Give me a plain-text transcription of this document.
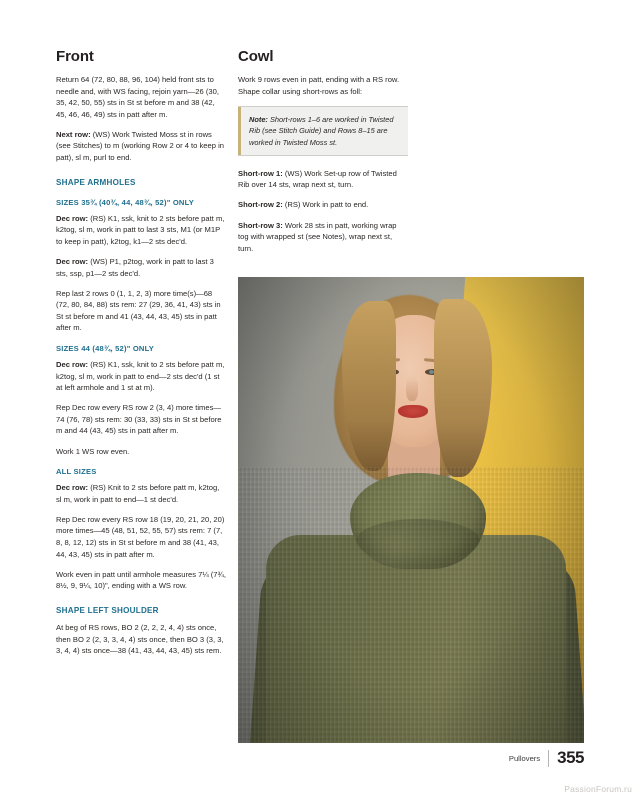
Front

Return 64 (72, 80, 88, 96, 104) held front sts to needle and, with WS facing, rejoin yarn—26 (30, 35, 42, 50, 55) sts in St st before m and 38 (42, 45, 46, 46, 49) sts in patt after m.

Next row: (WS) Work Twisted Moss st in rows (see Stitches) to m (working Row 2 or 4 to keep in patt), sl m, purl to end.

SHAPE ARMHOLES
SIZES 35¾ (40¾, 44, 48¾, 52)" ONLY

Dec row: (RS) K1, ssk, knit to 2 sts before patt m, k2tog, sl m, work in patt to last 3 sts, M1 (or M1P to keep in patt), k2tog, k1—2 sts dec'd.

Dec row: (WS) P1, p2tog, work in patt to last 3 sts, ssp, p1—2 sts dec'd.

Rep last 2 rows 0 (1, 1, 2, 3) more time(s)—68 (72, 80, 84, 88) sts rem: 27 (29, 36, 41, 43) sts in St st before m and 41 (43, 44, 43, 45) sts in patt after m.

SIZES 44 (48¾, 52)" ONLY

Dec row: (RS) K1, ssk, knit to 2 sts before patt m, k2tog, sl m, work in patt to end—2 sts dec'd (1 st at left armhole and 1 st at m).

Rep Dec row every RS row 2 (3, 4) more times—74 (76, 78) sts rem: 30 (33, 33) sts in St st before m and 44 (43, 45) sts in patt after m.

Work 1 WS row even.

ALL SIZES

Dec row: (RS) Knit to 2 sts before patt m, k2tog, sl m, work in patt to end—1 st dec'd.

Rep Dec row every RS row 18 (19, 20, 21, 20, 20) more times—45 (48, 51, 52, 55, 57) sts rem: 7 (7, 8, 8, 12, 12) sts in St st before m and 38 (41, 43, 44, 43, 45) sts in patt after m.

Work even in patt until armhole measures 7¼ (7¾, 8½, 9, 9¼, 10)", ending with a WS row.

SHAPE LEFT SHOULDER

At beg of RS rows, BO 2 (2, 2, 2, 4, 4) sts once, then BO 2 (2, 3, 3, 4, 4) sts once, then BO 3 (3, 3, 3, 4, 4) sts once—38 (41, 43, 44, 43, 45) sts rem.

Cowl

Work 9 rows even in patt, ending with a RS row. Shape collar using short-rows as foll:

Note: Short-rows 1–6 are worked in Twisted Rib (see Stitch Guide) and Rows 8–15 are worked in Twisted Moss st.

Short-row 1: (WS) Work Set-up row of Twisted Rib over 14 sts, wrap next st, turn.

Short-row 2: (RS) Work in patt to end.

Short-row 3: Work 28 sts in patt, working wrap tog with wrapped st (see Notes), wrap next st, turn.

Pullovers 355
PassionForum.ru
